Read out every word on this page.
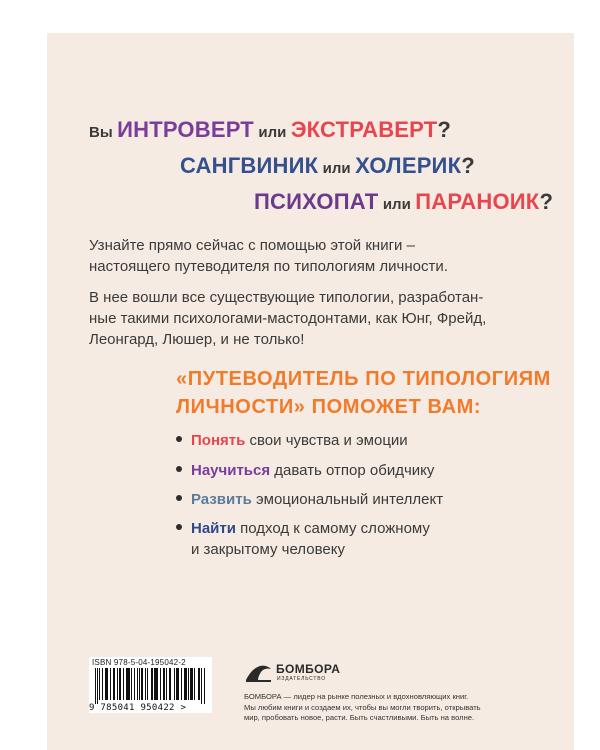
Вы ИНТРОВЕРТ или ЭКСТРАВЕРТ?
САНГВИНИК или ХОЛЕРИК?
ПСИХОПАТ или ПАРАНОИК?
Узнайте прямо сейчас с помощью этой книги –
настоящего путеводителя по типологиям личности.
В нее вошли все существующие типологии, разработан-
ные такими психологами-мастодонтами, как Юнг, Фрейд,
Леонгард, Люшер, и не только!
«ПУТЕВОДИТЕЛЬ ПО ТИПОЛОГИЯМ
ЛИЧНОСТИ» ПОМОЖЕТ ВАМ:
Понять свои чувства и эмоции
Научиться давать отпор обидчику
Развить эмоциональный интеллект
Найти подход к самому сложному
и закрытому человеку
ISBN 978-5-04-195042-2
9 785041 950422 >
БОМБОРА
ИЗДАТЕЛЬСТВО
БОМБОРА — лидер на рынке полезных и вдохновляющих книг.
Мы любим книги и создаем их, чтобы вы могли творить, открывать
мир, пробовать новое, расти. Быть счастливыми. Быть на волне.
